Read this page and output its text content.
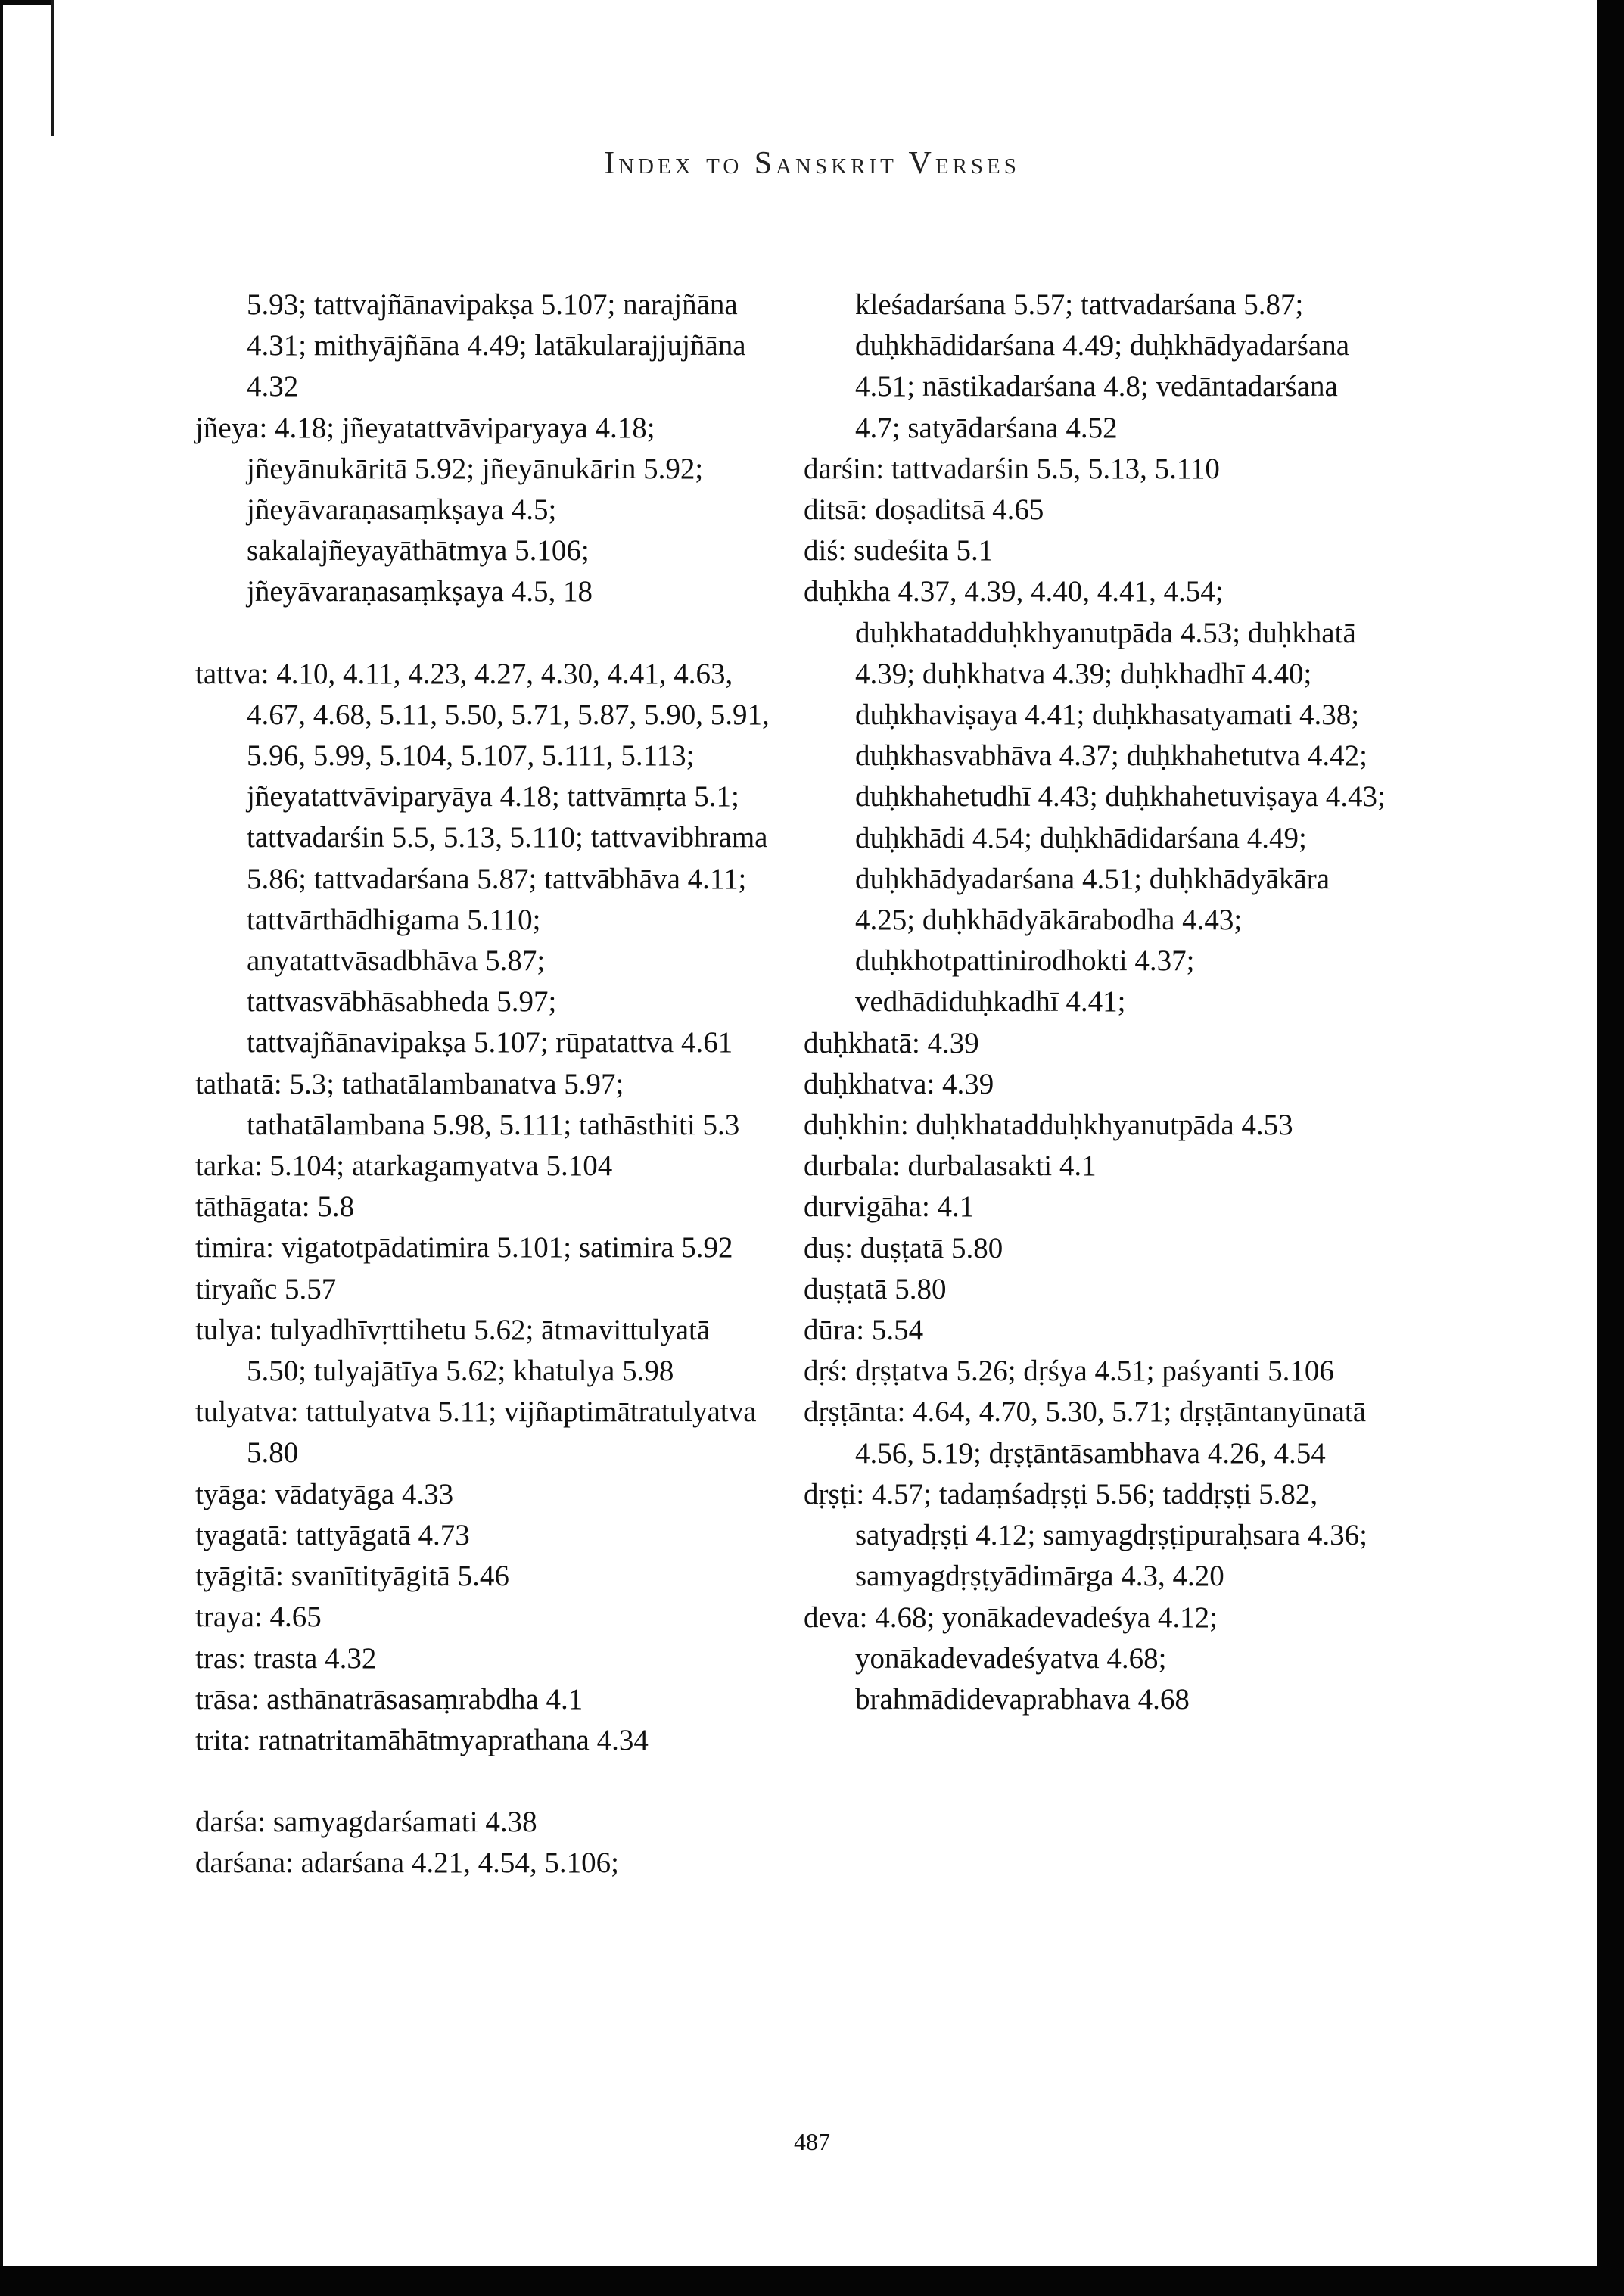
Index to Sanskrit Verses

5.93; tattvajñānavipakṣa 5.107; narajñāna 4.31; mithyājñāna 4.49; latākularajjujñāna 4.32

jñeya: 4.18; jñeyatattvāviparyaya 4.18; jñeyānukāritā 5.92; jñeyānukārin 5.92; jñeyāvaraṇasaṃkṣaya 4.5; sakalajñeyayāthātmya 5.106; jñeyāvaraṇasaṃkṣaya 4.5, 18

tattva: 4.10, 4.11, 4.23, 4.27, 4.30, 4.41, 4.63, 4.67, 4.68, 5.11, 5.50, 5.71, 5.87, 5.90, 5.91, 5.96, 5.99, 5.104, 5.107, 5.111, 5.113; jñeyatattvāviparyāya 4.18; tattvāmṛta 5.1; tattvadarśin 5.5, 5.13, 5.110; tattvavibhrama 5.86; tattvadarśana 5.87; tattvābhāva 4.11; tattvārthādhigama 5.110; anyatattvāsadbhāva 5.87; tattvasvābhāsabheda 5.97; tattvajñānavipakṣa 5.107; rūpatattva 4.61

tathatā: 5.3; tathatālambanatva 5.97; tathatālambana 5.98, 5.111; tathāsthiti 5.3

tarka: 5.104; atarkagamyatva 5.104

tāthāgata: 5.8

timira: vigatotpādatimira 5.101; satimira 5.92

tiryañc 5.57

tulya: tulyadhīvṛttihetu 5.62; ātmavittulyatā 5.50; tulyajātīya 5.62; khatulya 5.98

tulyatva: tattulyatva 5.11; vijñaptimātratulyatva 5.80

tyāga: vādatyāga 4.33

tyagatā: tattyāgatā 4.73

tyāgitā: svanītityāgitā 5.46

traya: 4.65

tras: trasta 4.32

trāsa: asthānatrāsasaṃrabdha 4.1

trita: ratnatritamāhātmyaprathana 4.34

darśa: samyagdarśamati 4.38

darśana: adarśana 4.21, 4.54, 5.106;

kleśadarśana 5.57; tattvadarśana 5.87; duḥkhādidarśana 4.49; duḥkhādyadarśana 4.51; nāstikadarśana 4.8; vedāntadarśana 4.7; satyādarśana 4.52

darśin: tattvadarśin 5.5, 5.13, 5.110

ditsā: doṣaditsā 4.65

diś: sudeśita 5.1

duḥkha 4.37, 4.39, 4.40, 4.41, 4.54; duḥkhatadduḥkhyanutpāda 4.53; duḥkhatā 4.39; duḥkhatva 4.39; duḥkhadhī 4.40; duḥkhaviṣaya 4.41; duḥkhasatyamati 4.38; duḥkhasvabhāva 4.37; duḥkhahetutva 4.42; duḥkhahetudhī 4.43; duḥkhahetuviṣaya 4.43; duḥkhādi 4.54; duḥkhādidarśana 4.49; duḥkhādyadarśana 4.51; duḥkhādyākāra 4.25; duḥkhādyākārabodha 4.43; duḥkhotpattinirodhokti 4.37; vedhādiduḥkadhī 4.41;

duḥkhatā: 4.39

duḥkhatva: 4.39

duḥkhin: duḥkhatadduḥkhyanutpāda 4.53

durbala: durbalasakti 4.1

durvigāha: 4.1

duṣ: duṣṭatā 5.80

duṣṭatā 5.80

dūra: 5.54

dṛś: dṛṣṭatva 5.26; dṛśya 4.51; paśyanti 5.106

dṛṣṭānta: 4.64, 4.70, 5.30, 5.71; dṛṣṭāntanyūnatā 4.56, 5.19; dṛṣṭāntāsambhava 4.26, 4.54

dṛṣṭi: 4.57; tadaṃśadṛṣṭi 5.56; taddṛṣṭi 5.82, satyadṛṣṭi 4.12; samyagdṛṣṭipuraḥsara 4.36; samyagdṛṣṭyādimārga 4.3, 4.20

deva: 4.68; yonākadevadeśya 4.12; yonākadevadeśyatva 4.68; brahmādidevaprabhava 4.68

487
